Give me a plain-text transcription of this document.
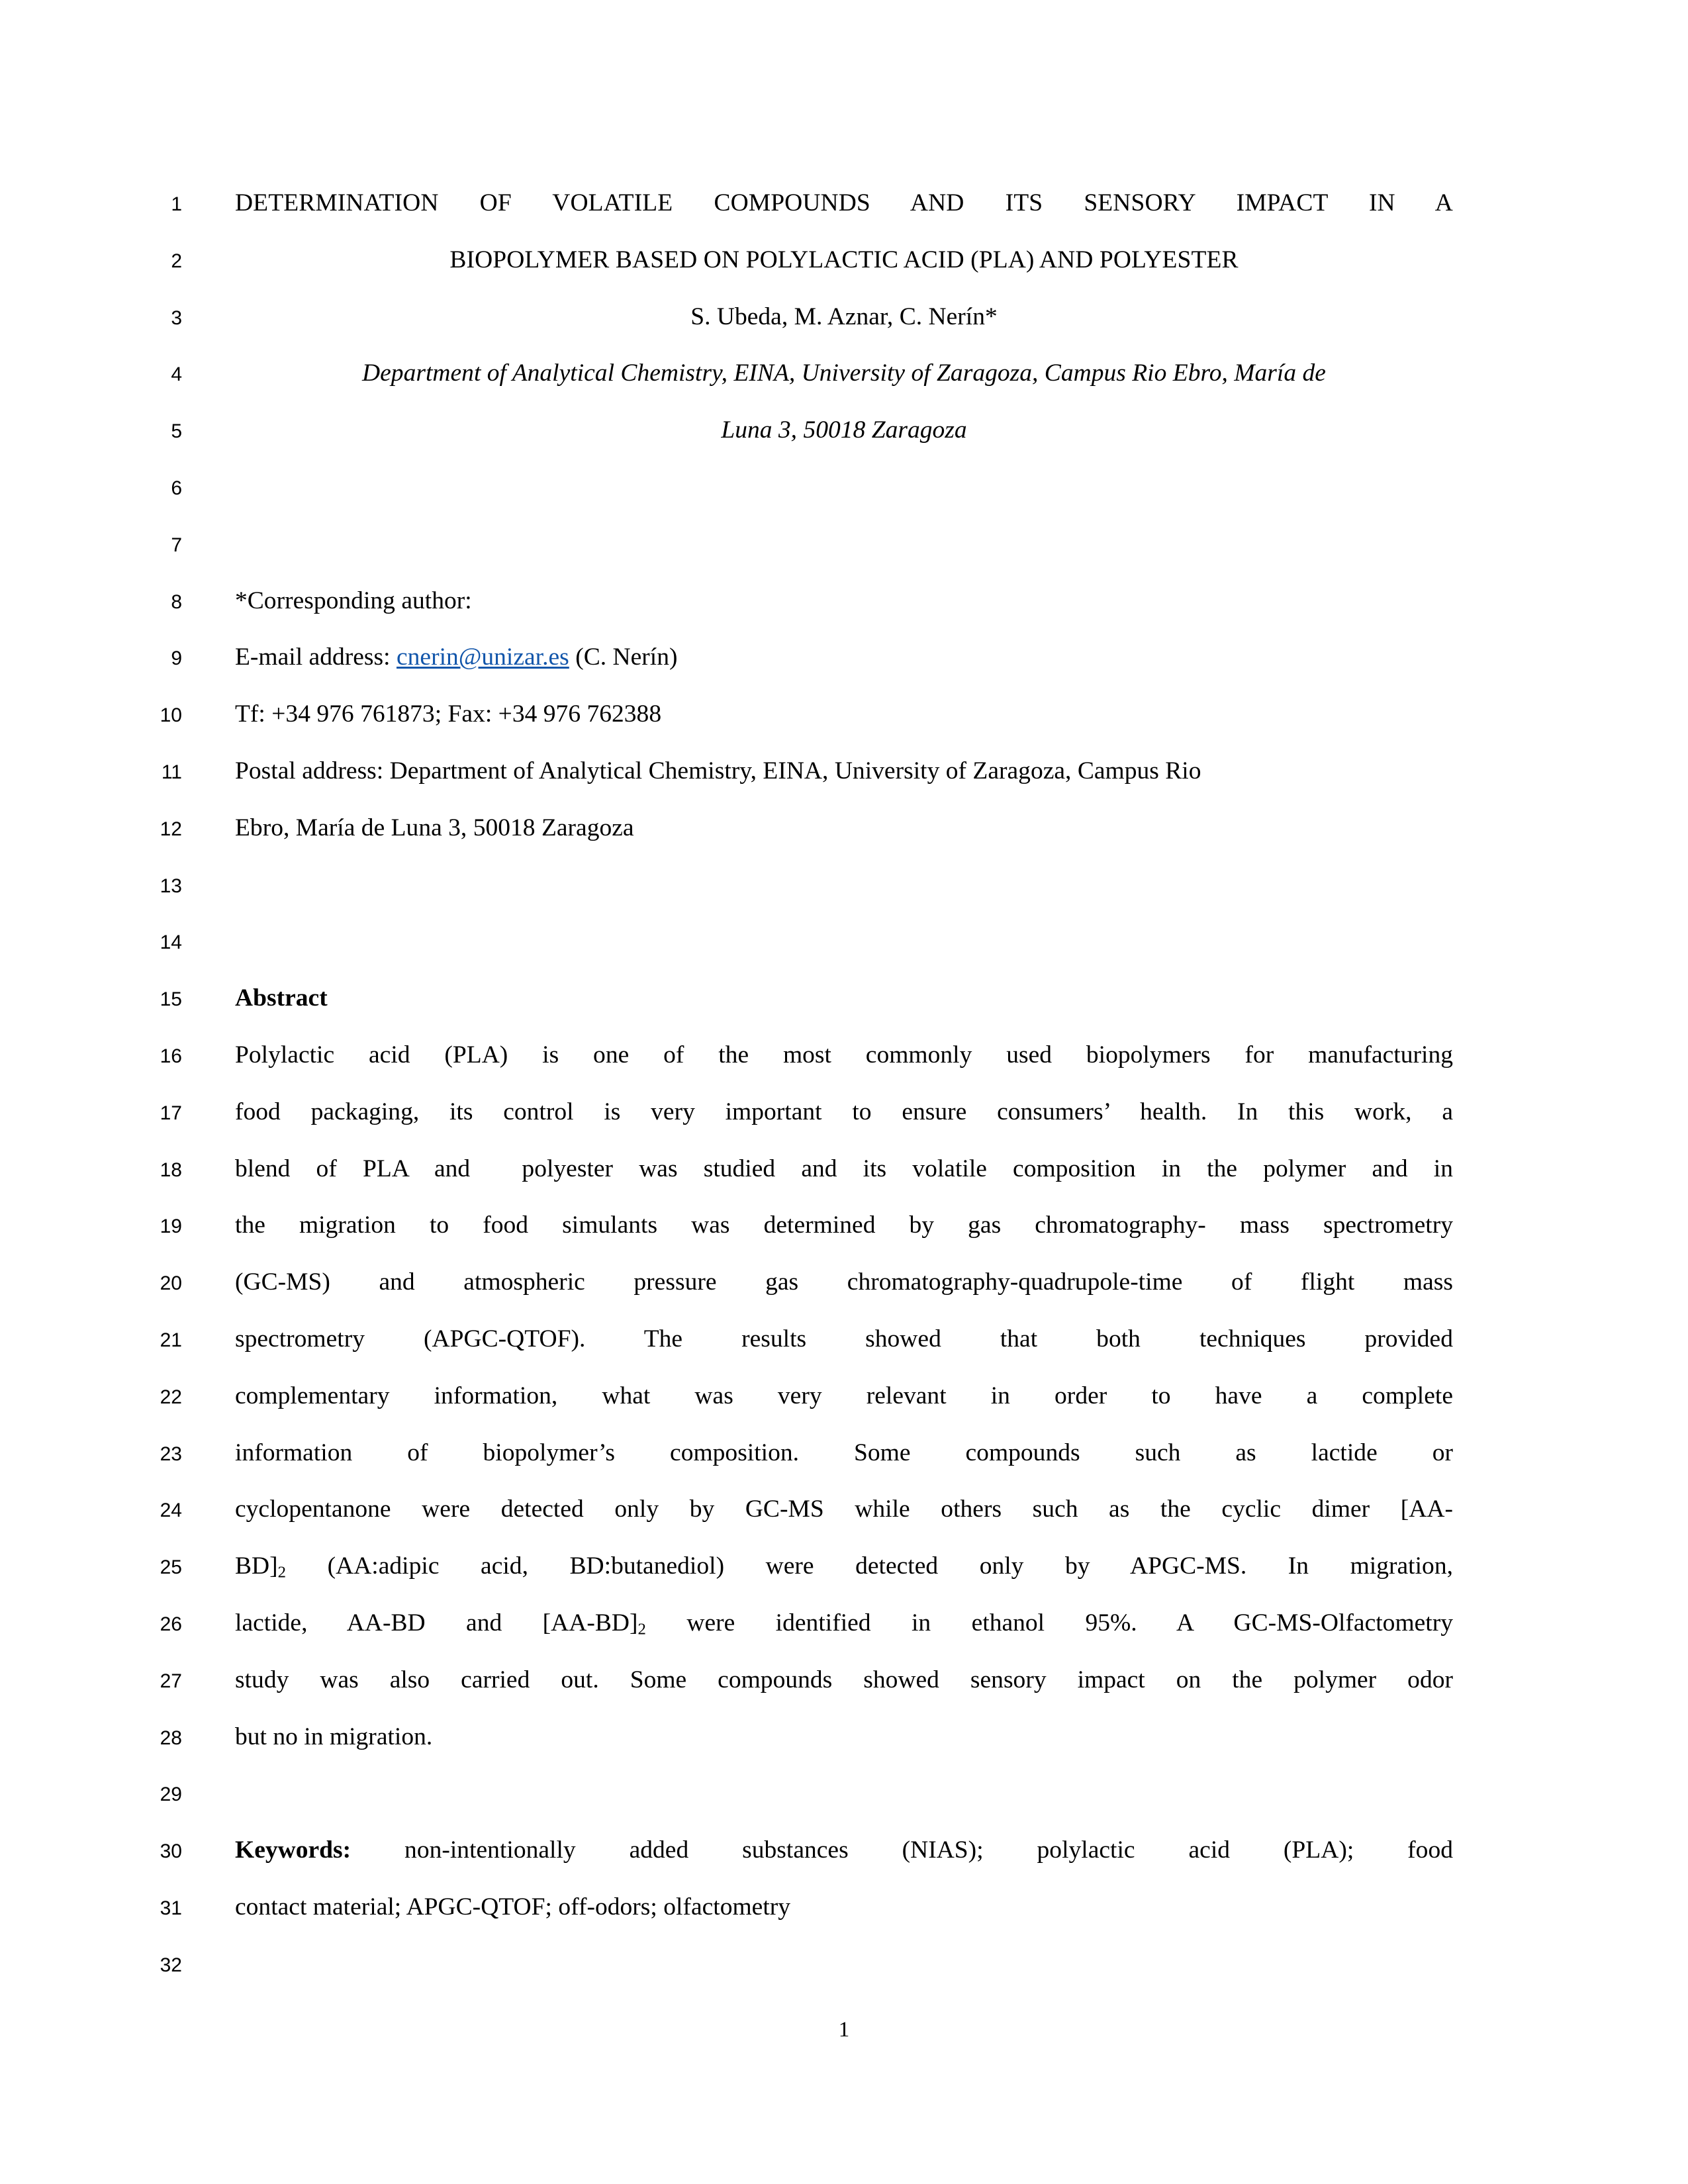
1 DETERMINATION OF VOLATILE COMPOUNDS AND ITS SENSORY IMPACT IN A
2	BIOPOLYMER BASED ON POLYLACTIC ACID (PLA) AND POLYESTER
3	S. Ubeda, M. Aznar, C. Nerín*
4	Department of Analytical Chemistry, EINA, University of Zaragoza, Campus Rio Ebro, María de
5	Luna 3, 50018 Zaragoza
6
7
8 *Corresponding author:
9 E-mail address: cnerin@unizar.es (C. Nerín)
10 Tf: +34 976 761873; Fax: +34 976 762388
11 Postal address: Department of Analytical Chemistry, EINA, University of Zaragoza, Campus Rio
12 Ebro, María de Luna 3, 50018 Zaragoza
13
14
15 Abstract
16 Polylactic acid (PLA) is one of the most commonly used biopolymers for manufacturing
17 food packaging, its control is very important to ensure consumers’ health. In this work, a
18 blend of PLA and  polyester was studied and its volatile composition in the polymer and in
19 the migration to food simulants was determined by gas chromatography- mass spectrometry
20 (GC-MS) and atmospheric pressure gas chromatography-quadrupole-time of flight mass
21 spectrometry (APGC-QTOF). The results showed that both techniques provided
22 complementary information, what was very relevant in order to have a complete
23 information of biopolymer’s composition. Some compounds such as lactide or
24 cyclopentanone were detected only by GC-MS while others such as the cyclic dimer [AA-
25 $BD]_2$ (AA:adipic acid, BD:butanediol) were detected only by APGC-MS. In migration,
26 lactide, AA-BD and $[AA-BD]_2$ were identified in ethanol 95%. A GC-MS-Olfactometry
27 study was also carried out. Some compounds showed sensory impact on the polymer odor
28 but no in migration.
29
30 Keywords: non-intentionally added substances (NIAS); polylactic acid (PLA); food
31 contact material; APGC-QTOF; off-odors; olfactometry
32
1
